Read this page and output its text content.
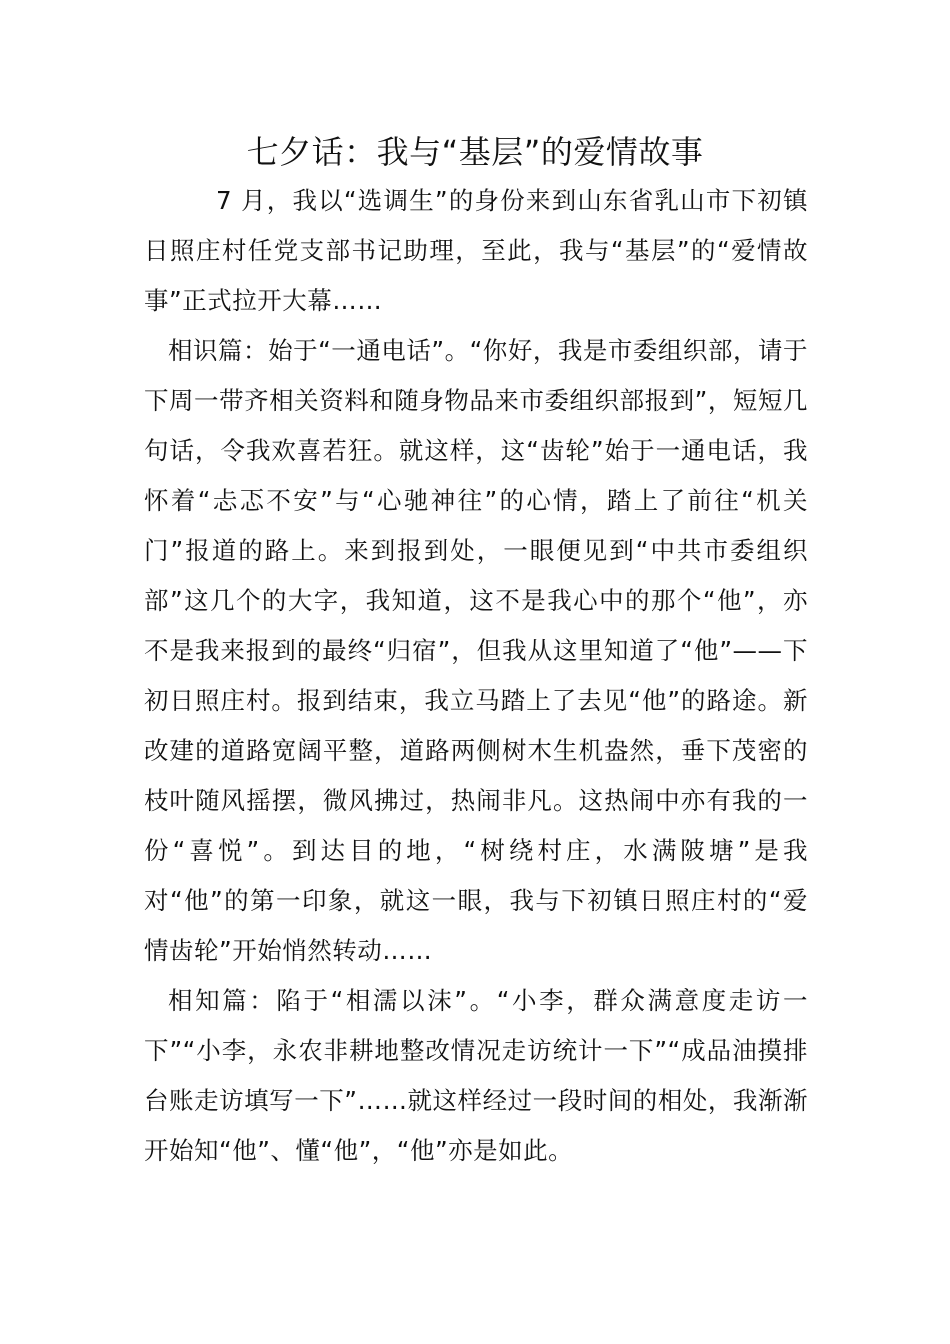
七夕话：我与“基层”的爱情故事

7 月，我以“选调生”的身份来到山东省乳山市下初镇日照庄村任党支部书记助理，至此，我与“基层”的“爱情故事”正式拉开大幕……

相识篇：始于“一通电话”。“你好，我是市委组织部，请于下周一带齐相关资料和随身物品来市委组织部报到”，短短几句话，令我欢喜若狂。就这样，这“齿轮”始于一通电话，我怀着“忐忑不安”与“心驰神往”的心情，踏上了前往“机关门”报道的路上。来到报到处，一眼便见到“中共市委组织部”这几个的大字，我知道，这不是我心中的那个“他”，亦不是我来报到的最终“归宿”，但我从这里知道了“他”——下初日照庄村。报到结束，我立马踏上了去见“他”的路途。新改建的道路宽阔平整，道路两侧树木生机盎然，垂下茂密的枝叶随风摇摆，微风拂过，热闹非凡。这热闹中亦有我的一份“喜悦”。到达目的地，“树绕村庄，水满陂塘”是我对“他”的第一印象，就这一眼，我与下初镇日照庄村的“爱情齿轮”开始悄然转动……

相知篇：陷于“相濡以沫”。“小李，群众满意度走访一下”“小李，永农非耕地整改情况走访统计一下”“成品油摸排台账走访填写一下”……就这样经过一段时间的相处，我渐渐开始知“他”、懂“他”，“他”亦是如此。
